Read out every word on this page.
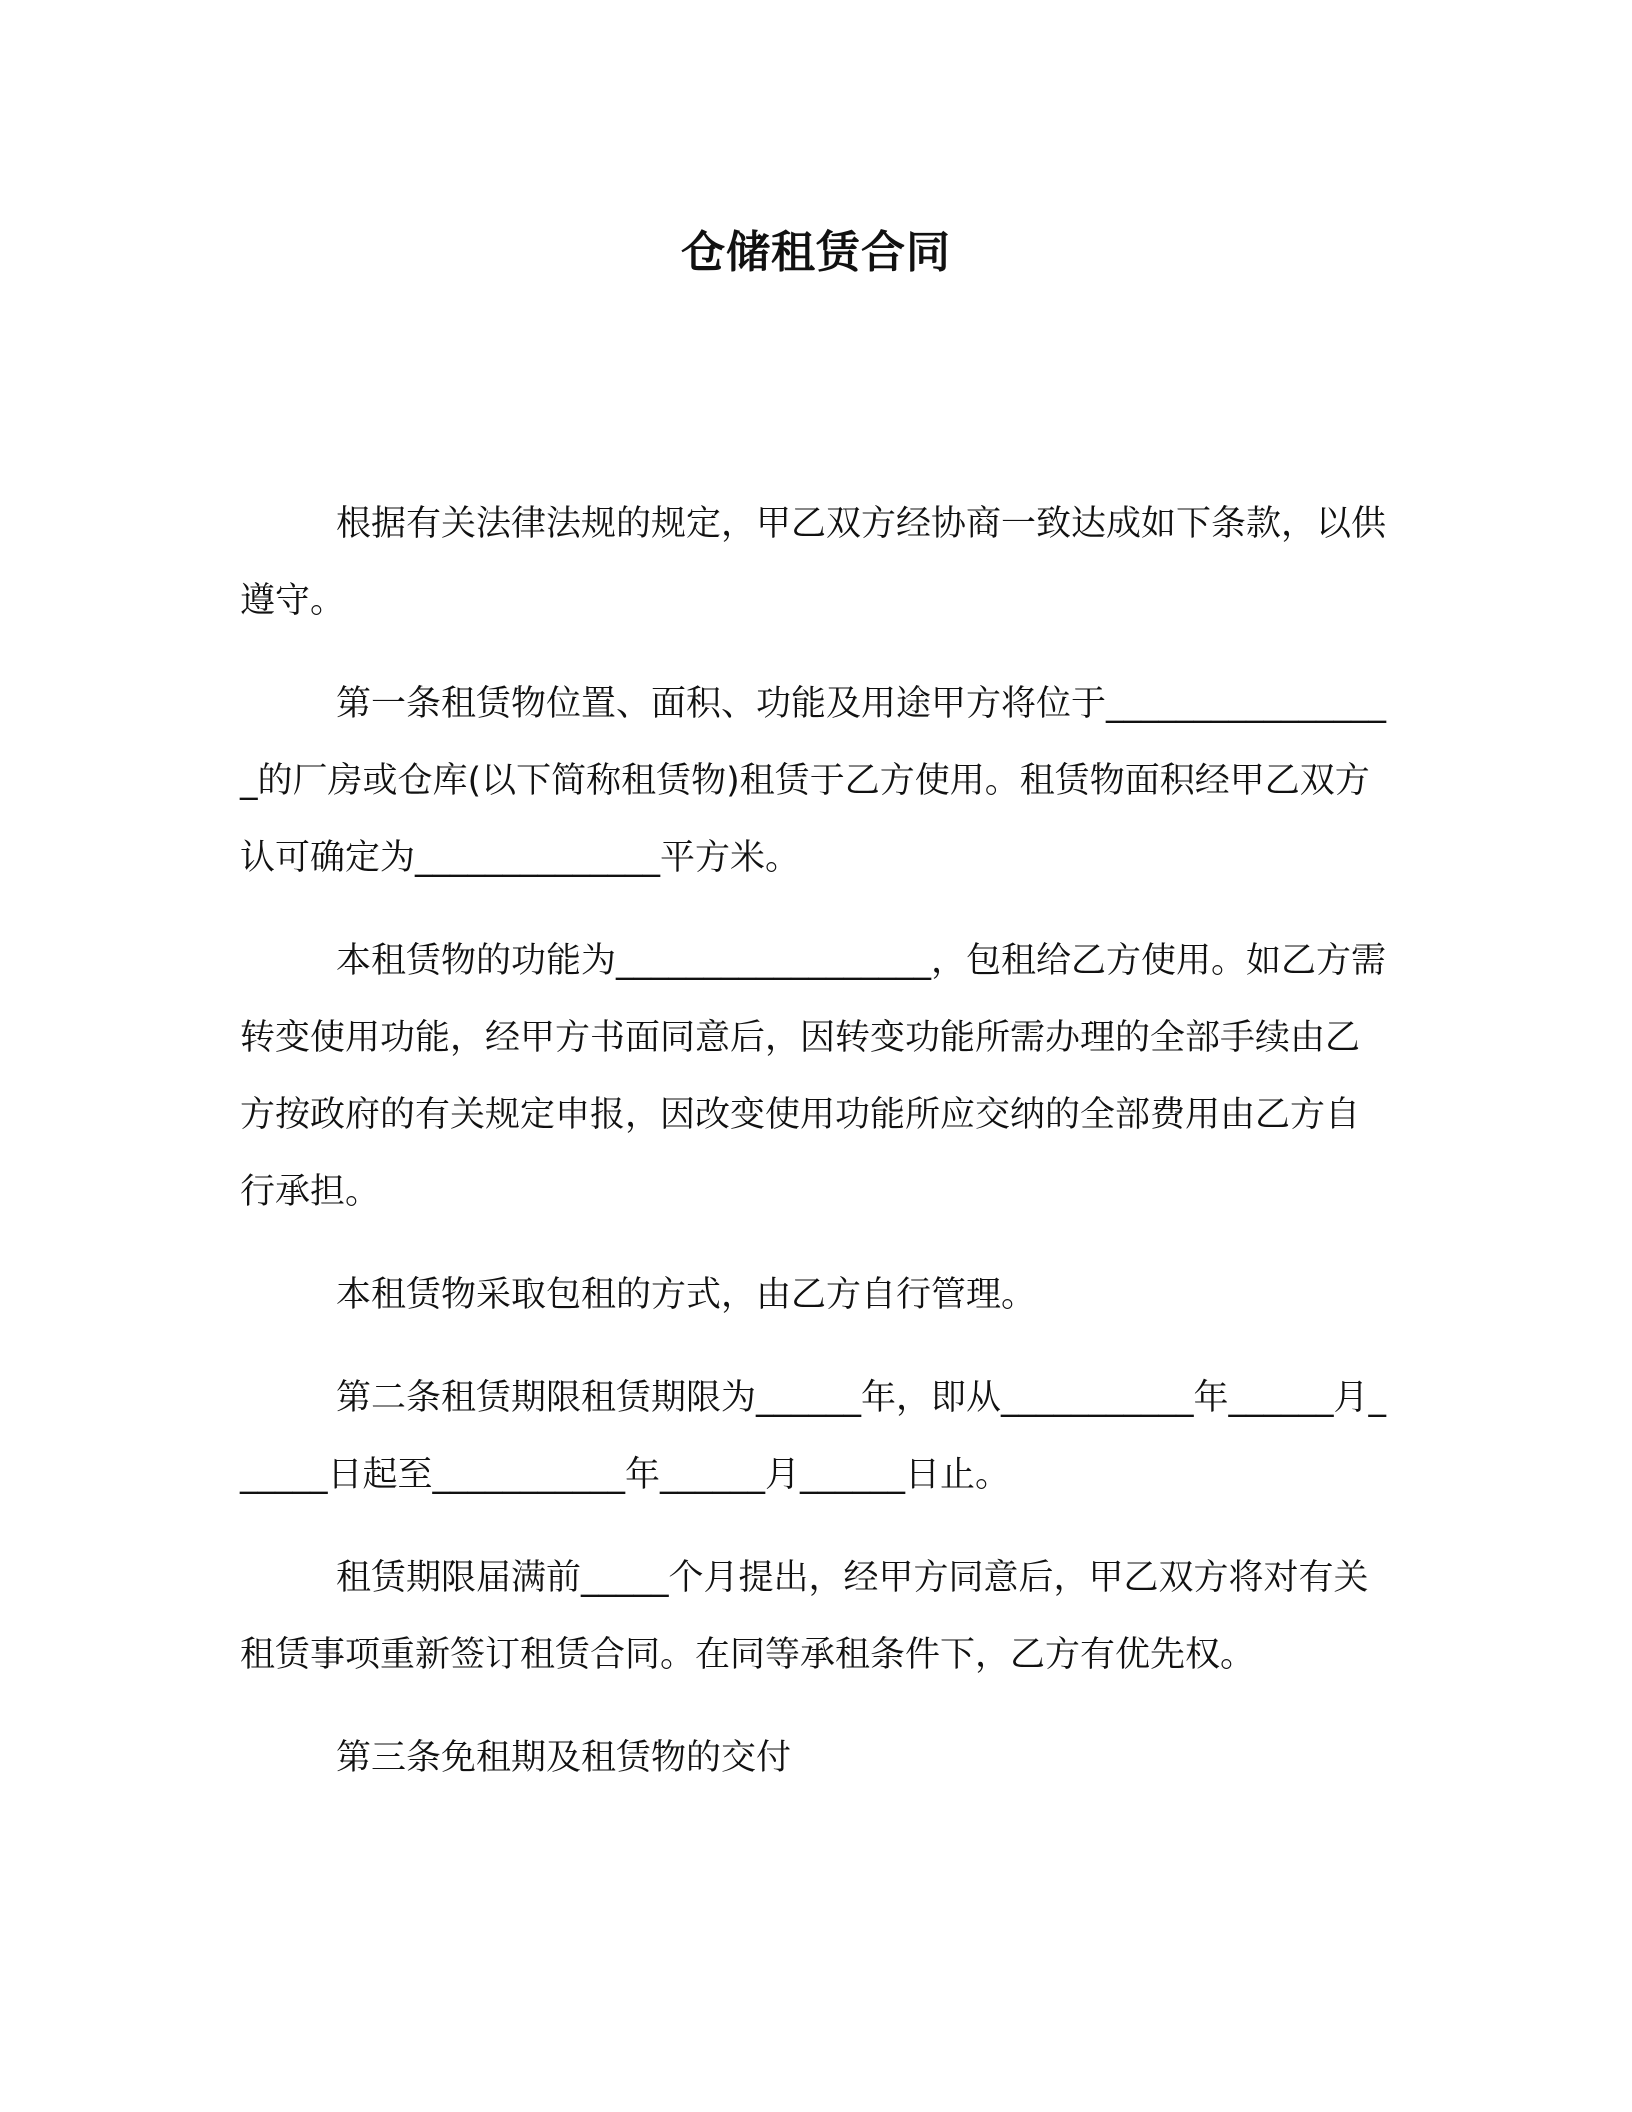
仓储租赁合同

根据有关法律法规的规定，甲乙双方经协商一致达成如下条款，以供遵守。

第一条租赁物位置、面积、功能及用途甲方将位于_________________的厂房或仓库(以下简称租赁物)租赁于乙方使用。租赁物面积经甲乙双方认可确定为______________平方米。

本租赁物的功能为__________________，包租给乙方使用。如乙方需转变使用功能，经甲方书面同意后，因转变功能所需办理的全部手续由乙方按政府的有关规定申报，因改变使用功能所应交纳的全部费用由乙方自行承担。

本租赁物采取包租的方式，由乙方自行管理。

第二条租赁期限租赁期限为______年，即从___________年______月______日起至___________年______月______日止。

租赁期限届满前_____个月提出，经甲方同意后，甲乙双方将对有关租赁事项重新签订租赁合同。在同等承租条件下，乙方有优先权。

第三条免租期及租赁物的交付
